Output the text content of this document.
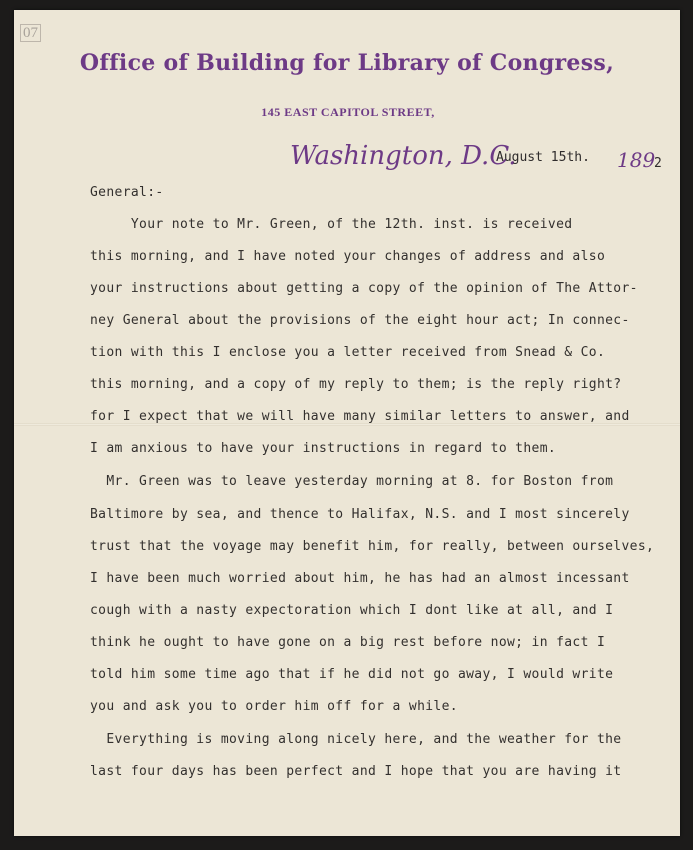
07
Office of Building for Library of Congress,
145 EAST CAPITOL STREET,
Washington, D.C.
August 15th. 189
2
General:-
Your note to Mr. Green, of the 12th. inst. is received
this morning, and I have noted your changes of address and also
your instructions about getting a copy of the opinion of The Attor-
ney General about the provisions of the eight hour act; In connec-
tion with this I enclose you a letter received from Snead & Co.
this morning, and a copy of my reply to them; is the reply right?
for I expect that we will have many similar letters to answer, and
I am anxious to have your instructions in regard to them.
Mr. Green was to leave yesterday morning at 8. for Boston from
Baltimore by sea, and thence to Halifax, N.S. and I most sincerely
trust that the voyage may benefit him, for really, between ourselves,
I have been much worried about him, he has had an almost incessant
cough with a nasty expectoration which I dont like at all, and I
think he ought to have gone on a big rest before now; in fact I
told him some time ago that if he did not go away, I would write
you and ask you to order him off for a while.
Everything is moving along nicely here, and the weather for the
last four days has been perfect and I hope that you are having it
